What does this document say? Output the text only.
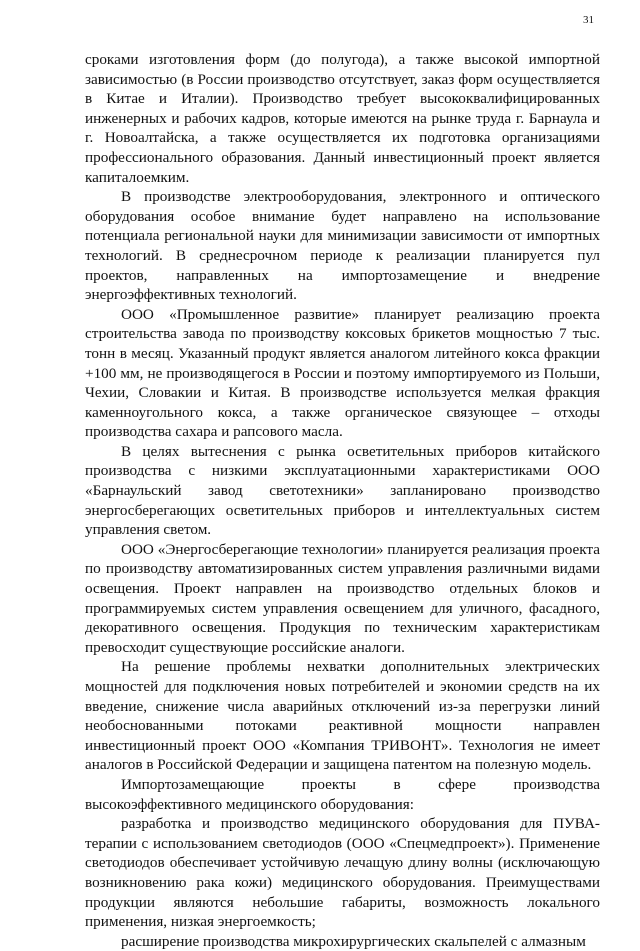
31

сроками изготовления форм (до полугода), а также высокой импортной зависимостью (в России производство отсутствует, заказ форм осуществляется в Китае и Италии). Производство требует высококвалифицированных инженерных и рабочих кадров, которые имеются на рынке труда г. Барнаула и г. Новоалтайска, а также осуществляется их подготовка организациями профессионального образования. Данный инвестиционный проект является капиталоемким.

В производстве электрооборудования, электронного и оптического оборудования особое внимание будет направлено на использование потенциала региональной науки для минимизации зависимости от импортных технологий. В среднесрочном периоде к реализации планируется пул проектов, направленных на импортозамещение и внедрение энергоэффективных технологий.

ООО «Промышленное развитие» планирует реализацию проекта строительства завода по производству коксовых брикетов мощностью 7 тыс. тонн в месяц. Указанный продукт является аналогом литейного кокса фракции +100 мм, не производящегося в России и поэтому импортируемого из Польши, Чехии, Словакии и Китая. В производстве используется мелкая фракция каменноугольного кокса, а также органическое связующее – отходы производства сахара и рапсового масла.

В целях вытеснения с рынка осветительных приборов китайского производства с низкими эксплуатационными характеристиками ООО «Барнаульский завод светотехники» запланировано производство энергосберегающих осветительных приборов и интеллектуальных систем управления светом.

ООО «Энергосберегающие технологии» планируется реализация проекта по производству автоматизированных систем управления различными видами освещения. Проект направлен на производство отдельных блоков и программируемых систем управления освещением для уличного, фасадного, декоративного освещения. Продукция по техническим характеристикам превосходит существующие российские аналоги.

На решение проблемы нехватки дополнительных электрических мощностей для подключения новых потребителей и экономии средств на их введение, снижение числа аварийных отключений из-за перегрузки линий необоснованными потоками реактивной мощности направлен инвестиционный проект ООО «Компания ТРИВОНТ». Технология не имеет аналогов в Российской Федерации и защищена патентом на полезную модель.

Импортозамещающие проекты в сфере производства высокоэффективного медицинского оборудования:

разработка и производство медицинского оборудования для ПУВА-терапии с использованием светодиодов (ООО «Спецмедпроект»). Применение светодиодов обеспечивает устойчивую лечащую длину волны (исключающую возникновению рака кожи) медицинского оборудования. Преимуществами продукции являются небольшие габариты, возможность локального применения, низкая энергоемкость;

расширение производства микрохирургических скальпелей с алмазным
